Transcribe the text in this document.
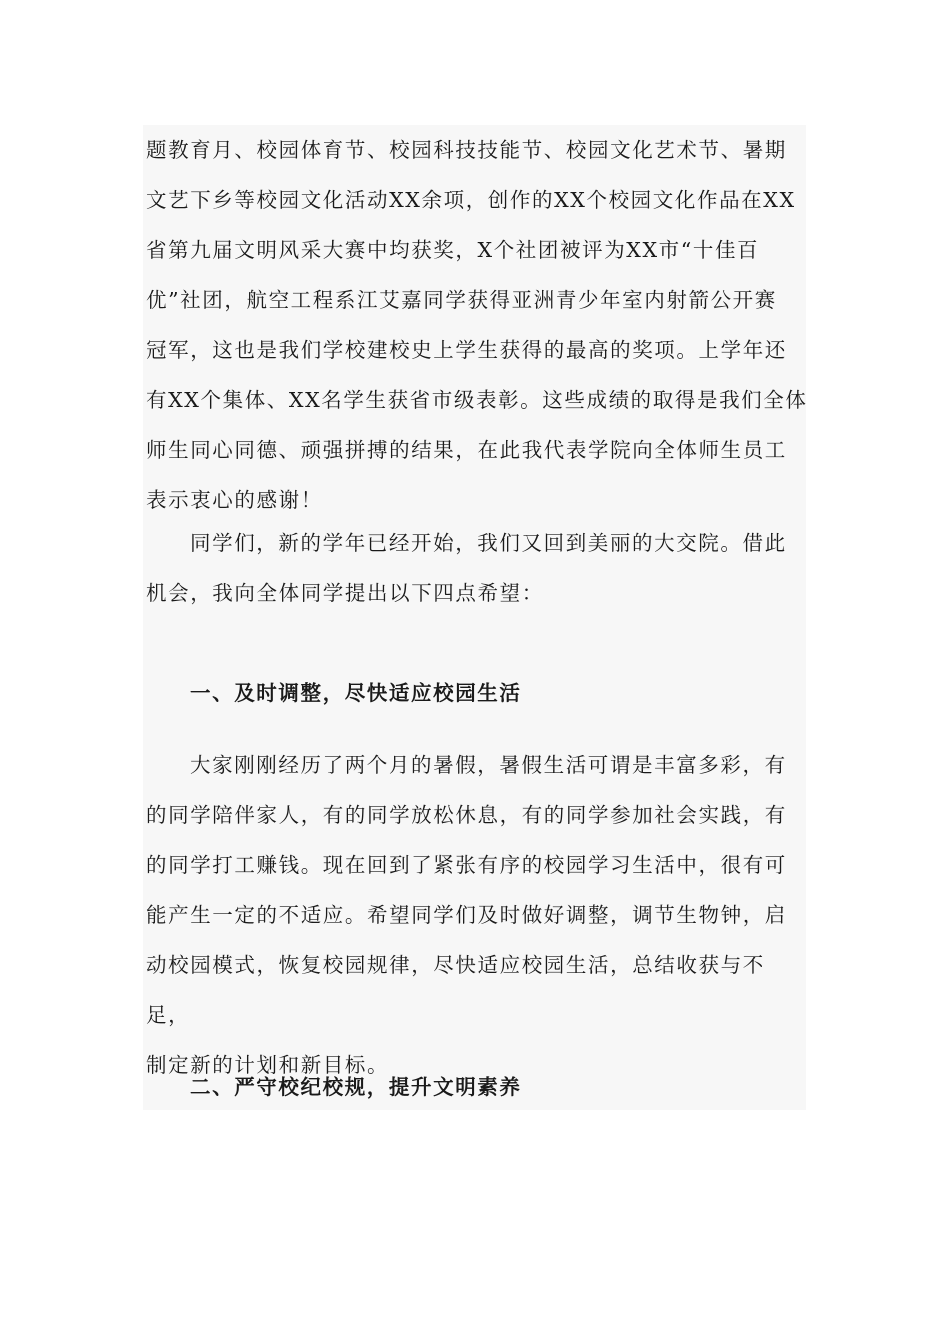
题教育月、校园体育节、校园科技技能节、校园文化艺术节、暑期
文艺下乡等校园文化活动XX余项，创作的XX个校园文化作品在XX
省第九届文明风采大赛中均获奖，X个社团被评为XX市“十佳百
优”社团，航空工程系江艾嘉同学获得亚洲青少年室内射箭公开赛
冠军，这也是我们学校建校史上学生获得的最高的奖项。上学年还
有XX个集体、XX名学生获省市级表彰。这些成绩的取得是我们全体
师生同心同德、顽强拼搏的结果，在此我代表学院向全体师生员工
表示衷心的感谢！

同学们，新的学年已经开始，我们又回到美丽的大交院。借此
机会，我向全体同学提出以下四点希望：

一、及时调整，尽快适应校园生活

大家刚刚经历了两个月的暑假，暑假生活可谓是丰富多彩，有
的同学陪伴家人，有的同学放松休息，有的同学参加社会实践，有
的同学打工赚钱。现在回到了紧张有序的校园学习生活中，很有可
能产生一定的不适应。希望同学们及时做好调整，调节生物钟，启
动校园模式，恢复校园规律，尽快适应校园生活，总结收获与不足，
制定新的计划和新目标。

二、严守校纪校规，提升文明素养
